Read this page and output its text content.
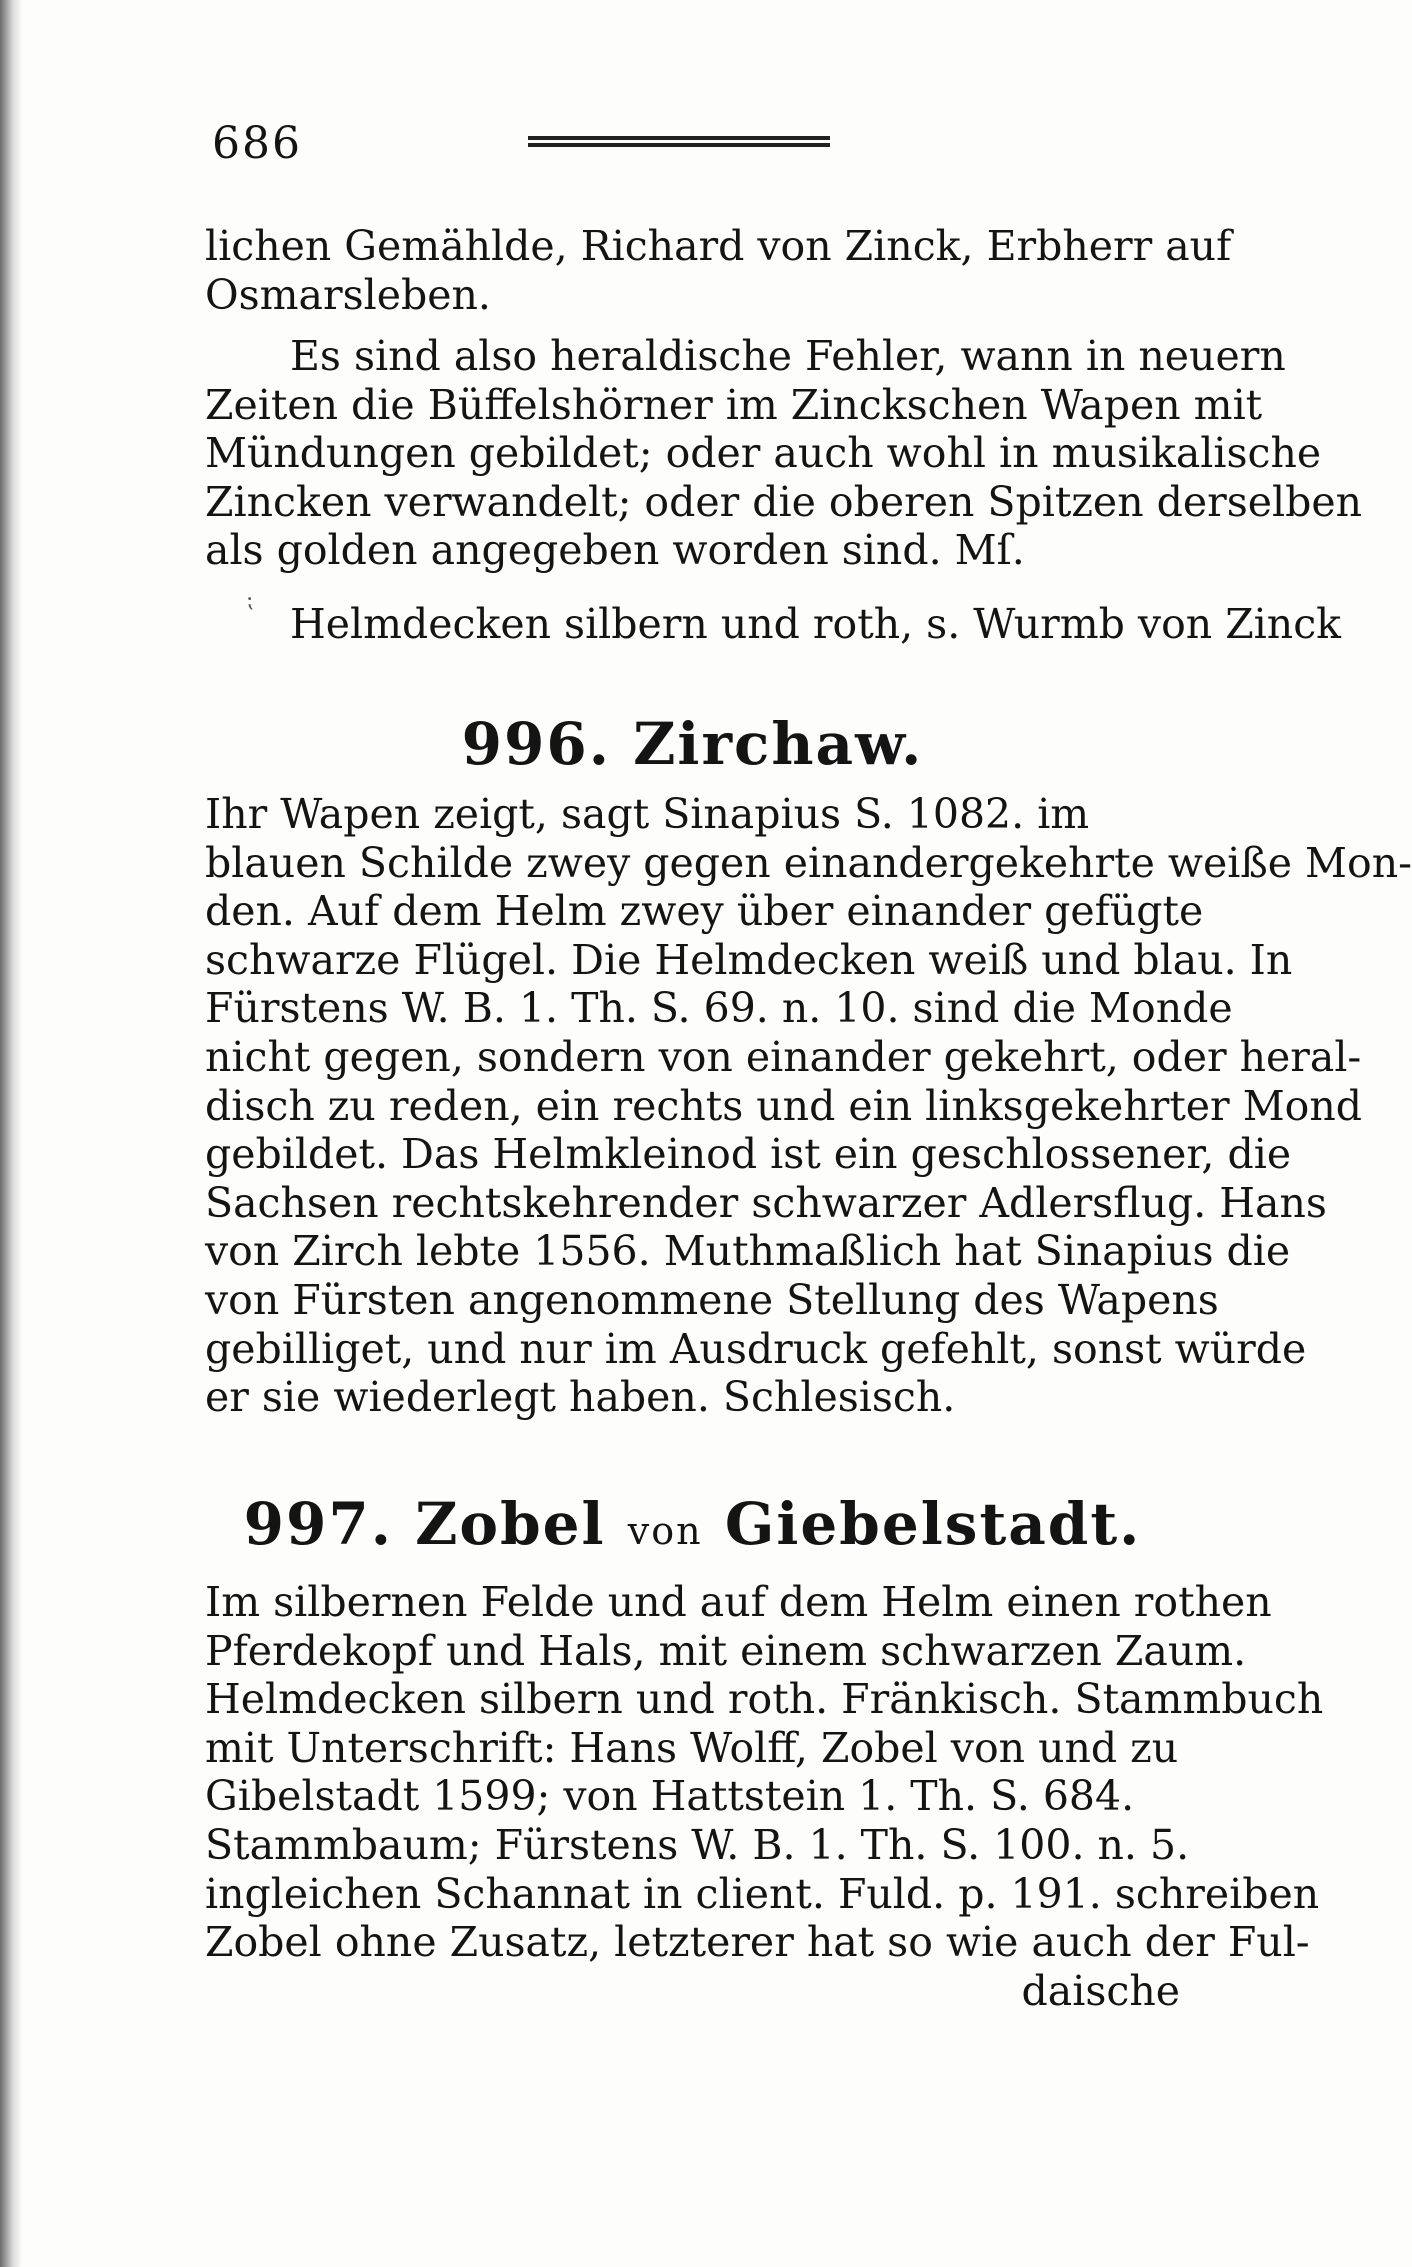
686
lichen Gemählde, Richard von Zinck, Erbherr auf
Osmarsleben.
Es sind also heraldische Fehler, wann in neuern
Zeiten die Büffelshörner im Zinckschen Wapen mit
Mündungen gebildet; oder auch wohl in musikalische
Zincken verwandelt; oder die oberen Spitzen derselben
als golden angegeben worden sind. Mſ.
⁏ Helmdecken silbern und roth, s. Wurmb von Zinck
996. Zirchaw.
Ihr Wapen zeigt, sagt Sinapius S. 1082. im
blauen Schilde zwey gegen einandergekehrte weiße Mon-
den. Auf dem Helm zwey über einander gefügte
schwarze Flügel. Die Helmdecken weiß und blau. In
Fürstens W. B. 1. Th. S. 69. n. 10. sind die Monde
nicht gegen, sondern von einander gekehrt, oder heral-
disch zu reden, ein rechts und ein linksgekehrter Mond
gebildet. Das Helmkleinod ist ein geschlossener, die
Sachsen rechtskehrender schwarzer Adlersflug. Hans
von Zirch lebte 1556. Muthmaßlich hat Sinapius die
von Fürsten angenommene Stellung des Wapens
gebilliget, und nur im Ausdruck gefehlt, sonst würde
er sie wiederlegt haben. Schlesisch.
997. Zobel von Giebelstadt.
Im silbernen Felde und auf dem Helm einen rothen
Pferdekopf und Hals, mit einem schwarzen Zaum.
Helmdecken silbern und roth. Fränkisch. Stammbuch
mit Unterschrift: Hans Wolff, Zobel von und zu
Gibelstadt 1599; von Hattstein 1. Th. S. 684.
Stammbaum; Fürstens W. B. 1. Th. S. 100. n. 5.
ingleichen Schannat in client. Fuld. p. 191. schreiben
Zobel ohne Zusatz, letzterer hat so wie auch der Ful-
daische
